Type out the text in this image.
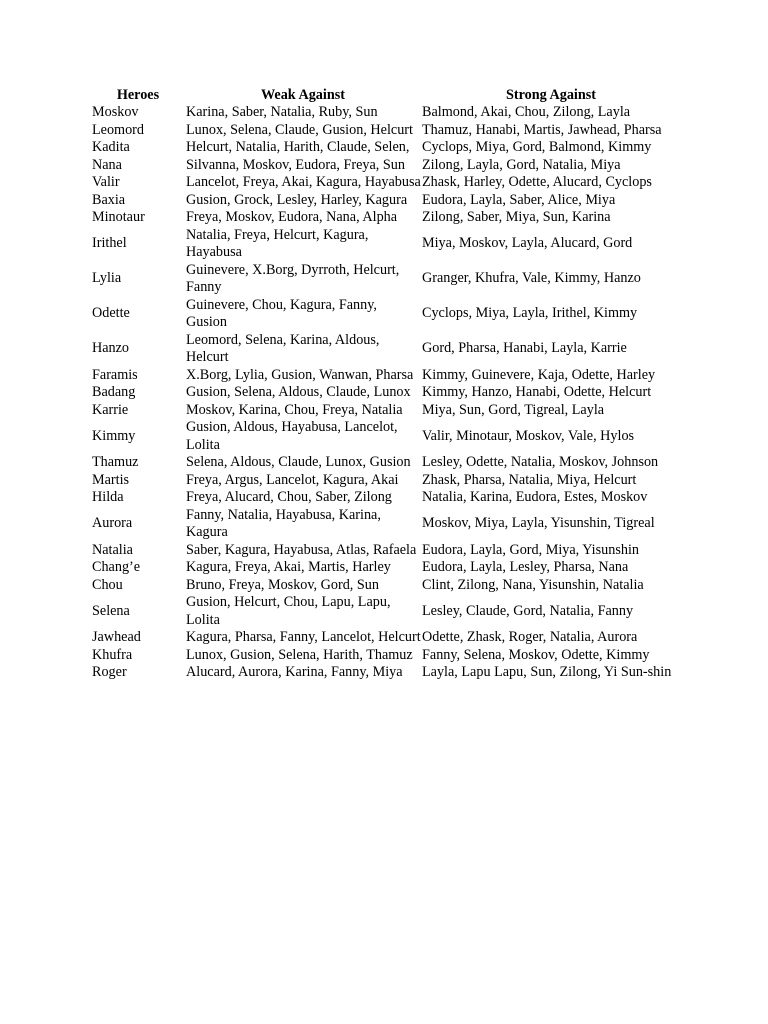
Heroes	Weak Against	Strong Against
Moskov	Karina, Saber, Natalia, Ruby, Sun	Balmond, Akai, Chou, Zilong, Layla
Leomord	Lunox, Selena, Claude, Gusion, Helcurt	Thamuz, Hanabi, Martis, Jawhead, Pharsa
Kadita	Helcurt, Natalia, Harith, Claude, Selen,	Cyclops, Miya, Gord, Balmond, Kimmy
Nana	Silvanna, Moskov, Eudora, Freya, Sun	Zilong, Layla, Gord, Natalia, Miya
Valir	Lancelot, Freya, Akai, Kagura, Hayabusa	Zhask, Harley, Odette, Alucard, Cyclops
Baxia	Gusion, Grock, Lesley, Harley, Kagura	Eudora, Layla, Saber, Alice, Miya
Minotaur	Freya, Moskov, Eudora, Nana, Alpha	Zilong, Saber, Miya, Sun, Karina
Irithel	Natalia, Freya, Helcurt, Kagura, Hayabusa	Miya, Moskov, Layla, Alucard, Gord
Lylia	Guinevere, X.Borg, Dyrroth, Helcurt, Fanny	Granger, Khufra, Vale, Kimmy, Hanzo
Odette	Guinevere, Chou, Kagura, Fanny, Gusion	Cyclops, Miya, Layla, Irithel, Kimmy
Hanzo	Leomord, Selena, Karina, Aldous, Helcurt	Gord, Pharsa, Hanabi, Layla, Karrie
Faramis	X.Borg, Lylia, Gusion, Wanwan, Pharsa	Kimmy, Guinevere, Kaja, Odette, Harley
Badang	Gusion, Selena, Aldous, Claude, Lunox	Kimmy, Hanzo, Hanabi, Odette, Helcurt
Karrie	Moskov, Karina, Chou, Freya, Natalia	Miya, Sun, Gord, Tigreal, Layla
Kimmy	Gusion, Aldous, Hayabusa, Lancelot, Lolita	Valir, Minotaur, Moskov, Vale, Hylos
Thamuz	Selena, Aldous, Claude, Lunox, Gusion	Lesley, Odette, Natalia, Moskov, Johnson
Martis	Freya, Argus, Lancelot, Kagura, Akai	Zhask, Pharsa, Natalia, Miya, Helcurt
Hilda	Freya, Alucard, Chou, Saber, Zilong	Natalia, Karina, Eudora, Estes, Moskov
Aurora	Fanny, Natalia, Hayabusa, Karina, Kagura	Moskov, Miya, Layla, Yisunshin, Tigreal
Natalia	Saber, Kagura, Hayabusa, Atlas, Rafaela	Eudora, Layla, Gord, Miya, Yisunshin
Chang’e	Kagura, Freya, Akai, Martis, Harley	Eudora, Layla, Lesley, Pharsa, Nana
Chou	Bruno, Freya, Moskov, Gord, Sun	Clint, Zilong, Nana, Yisunshin, Natalia
Selena	Gusion, Helcurt, Chou, Lapu, Lapu, Lolita	Lesley, Claude, Gord, Natalia, Fanny
Jawhead	Kagura, Pharsa, Fanny, Lancelot, Helcurt	Odette, Zhask, Roger, Natalia, Aurora
Khufra	Lunox, Gusion, Selena, Harith, Thamuz	Fanny, Selena, Moskov, Odette, Kimmy
Roger	Alucard, Aurora, Karina, Fanny, Miya	Layla, Lapu Lapu, Sun, Zilong, Yi Sun-shin
